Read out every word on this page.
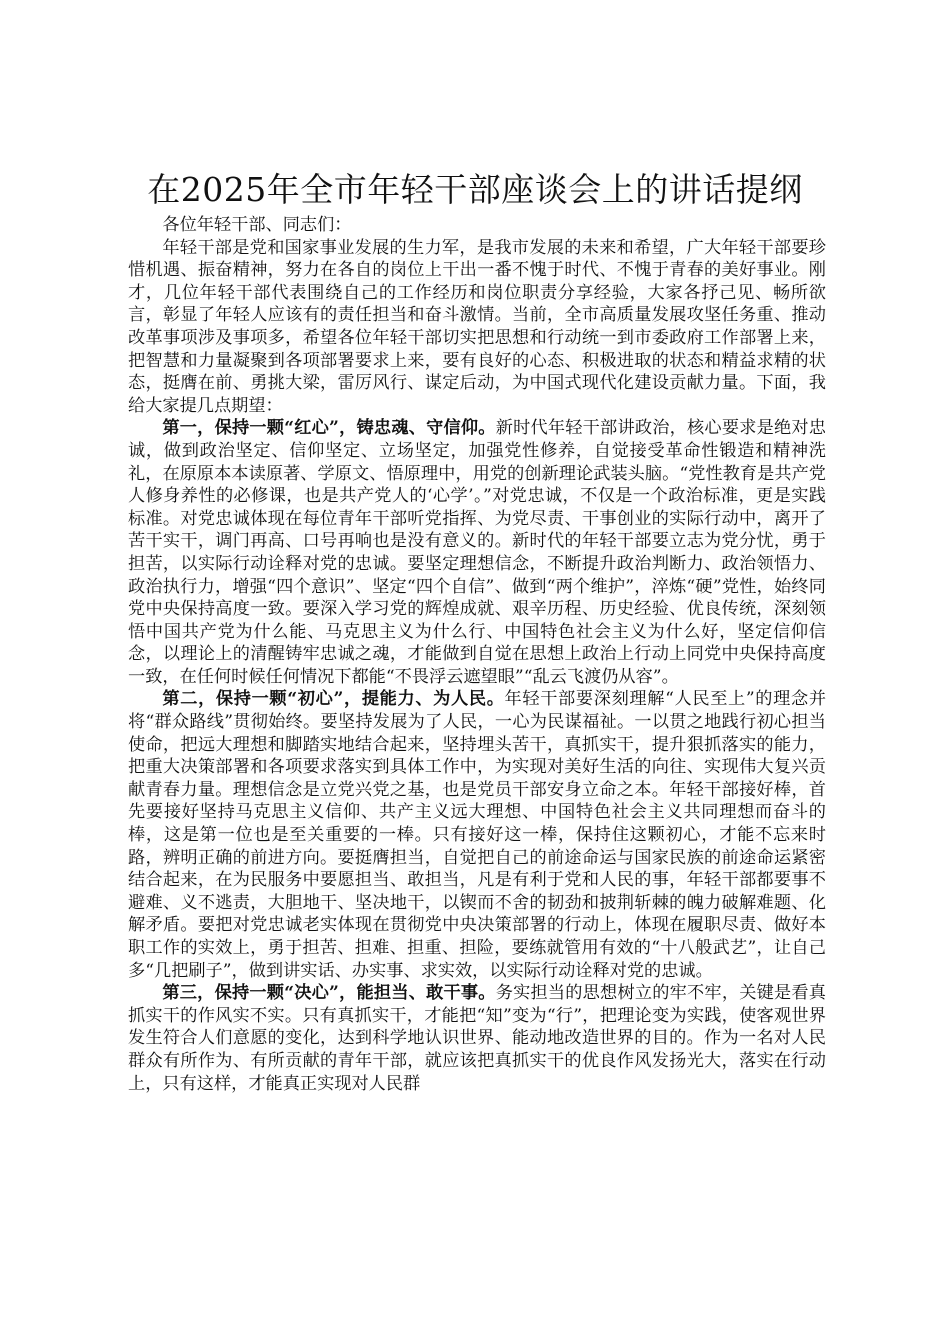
在2025年全市年轻干部座谈会上的讲话提纲

各位年轻干部、同志们：

年轻干部是党和国家事业发展的生力军，是我市发展的未来和希望，广大年轻干部要珍惜机遇、振奋精神，努力在各自的岗位上干出一番不愧于时代、不愧于青春的美好事业。刚才，几位年轻干部代表围绕自己的工作经历和岗位职责分享经验，大家各抒己见、畅所欲言，彰显了年轻人应该有的责任担当和奋斗激情。当前，全市高质量发展攻坚任务重、推动改革事项涉及事项多，希望各位年轻干部切实把思想和行动统一到市委政府工作部署上来，把智慧和力量凝聚到各项部署要求上来，要有良好的心态、积极进取的状态和精益求精的状态，挺膺在前、勇挑大梁，雷厉风行、谋定后动，为中国式现代化建设贡献力量。下面，我给大家提几点期望：

第一，保持一颗“红心”，铸忠魂、守信仰。新时代年轻干部讲政治，核心要求是绝对忠诚，做到政治坚定、信仰坚定、立场坚定，加强党性修养，自觉接受革命性锻造和精神洗礼，在原原本本读原著、学原文、悟原理中，用党的创新理论武装头脑。“党性教育是共产党人修身养性的必修课，也是共产党人的‘心学’。”对党忠诚，不仅是一个政治标准，更是实践标准。对党忠诚体现在每位青年干部听党指挥、为党尽责、干事创业的实际行动中，离开了苦干实干，调门再高、口号再响也是没有意义的。新时代的年轻干部要立志为党分忧，勇于担苦，以实际行动诠释对党的忠诚。要坚定理想信念，不断提升政治判断力、政治领悟力、政治执行力，增强“四个意识”、坚定“四个自信”、做到“两个维护”，淬炼“硬”党性，始终同党中央保持高度一致。要深入学习党的辉煌成就、艰辛历程、历史经验、优良传统，深刻领悟中国共产党为什么能、马克思主义为什么行、中国特色社会主义为什么好，坚定信仰信念，以理论上的清醒铸牢忠诚之魂，才能做到自觉在思想上政治上行动上同党中央保持高度一致，在任何时候任何情况下都能“不畏浮云遮望眼”“乱云飞渡仍从容”。

第二，保持一颗“初心”，提能力、为人民。年轻干部要深刻理解“人民至上”的理念并将“群众路线”贯彻始终。要坚持发展为了人民，一心为民谋福祉。一以贯之地践行初心担当使命，把远大理想和脚踏实地结合起来，坚持埋头苦干，真抓实干，提升狠抓落实的能力，把重大决策部署和各项要求落实到具体工作中，为实现对美好生活的向往、实现伟大复兴贡献青春力量。理想信念是立党兴党之基，也是党员干部安身立命之本。年轻干部接好棒，首先要接好坚持马克思主义信仰、共产主义远大理想、中国特色社会主义共同理想而奋斗的棒，这是第一位也是至关重要的一棒。只有接好这一棒，保持住这颗初心，才能不忘来时路，辨明正确的前进方向。要挺膺担当，自觉把自己的前途命运与国家民族的前途命运紧密结合起来，在为民服务中要愿担当、敢担当，凡是有利于党和人民的事，年轻干部都要事不避难、义不逃责，大胆地干、坚决地干，以锲而不舍的韧劲和披荆斩棘的魄力破解难题、化解矛盾。要把对党忠诚老实体现在贯彻党中央决策部署的行动上，体现在履职尽责、做好本职工作的实效上，勇于担苦、担难、担重、担险，要练就管用有效的“十八般武艺”，让自己多“几把刷子”，做到讲实话、办实事、求实效，以实际行动诠释对党的忠诚。

第三，保持一颗“决心”，能担当、敢干事。务实担当的思想树立的牢不牢，关键是看真抓实干的作风实不实。只有真抓实干，才能把“知”变为“行”，把理论变为实践，使客观世界发生符合人们意愿的变化，达到科学地认识世界、能动地改造世界的目的。作为一名对人民群众有所作为、有所贡献的青年干部，就应该把真抓实干的优良作风发扬光大，落实在行动上，只有这样，才能真正实现对人民群
